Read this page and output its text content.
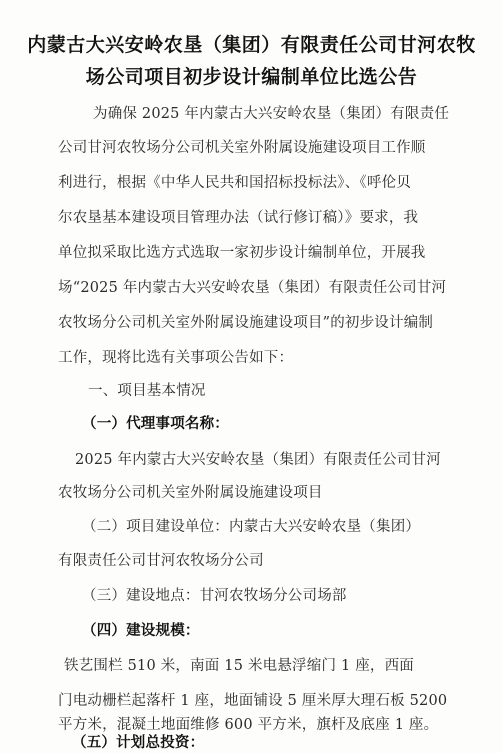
内蒙古大兴安岭农垦（集团）有限责任公司甘河农牧
场公司项目初步设计编制单位比选公告
为确保 2025 年内蒙古大兴安岭农垦（集团）有限责任
公司甘河农牧场分公司机关室外附属设施建设项目工作顺
利进行，根据《中华人民共和国招标投标法》、《呼伦贝
尔农垦基本建设项目管理办法（试行修订稿）》要求，我
单位拟采取比选方式选取一家初步设计编制单位，开展我
场“2025 年内蒙古大兴安岭农垦（集团）有限责任公司甘河
农牧场分公司机关室外附属设施建设项目”的初步设计编制
工作，现将比选有关事项公告如下：
一、项目基本情况
（一）代理事项名称：
2025 年内蒙古大兴安岭农垦（集团）有限责任公司甘河
农牧场分公司机关室外附属设施建设项目
（二）项目建设单位：内蒙古大兴安岭农垦（集团）
有限责任公司甘河农牧场分公司
（三）建设地点：甘河农牧场分公司场部
（四）建设规模：
铁艺围栏 510 米，南面 15 米电悬浮缩门 1 座，西面
门电动栅栏起落杆 1 座，地面铺设 5 厘米厚大理石板 5200
平方米，混凝土地面维修 600 平方米，旗杆及底座 1 座。
（五）计划总投资：
